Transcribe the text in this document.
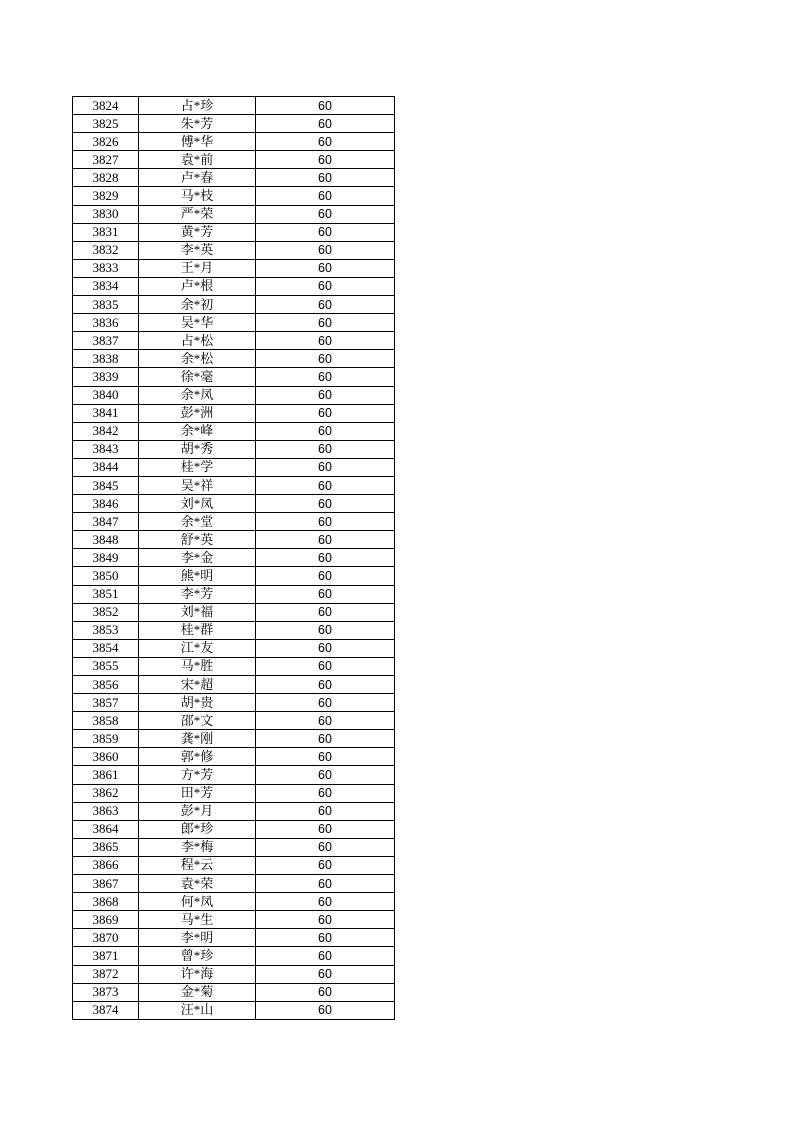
3824	占*珍	60
3825	朱*芳	60
3826	傅*华	60
3827	袁*前	60
3828	卢*春	60
3829	马*枝	60
3830	严*荣	60
3831	黄*芳	60
3832	李*英	60
3833	王*月	60
3834	卢*根	60
3835	余*初	60
3836	吴*华	60
3837	占*松	60
3838	余*松	60
3839	徐*毫	60
3840	余*凤	60
3841	彭*洲	60
3842	余*峰	60
3843	胡*秀	60
3844	桂*学	60
3845	吴*祥	60
3846	刘*凤	60
3847	余*堂	60
3848	舒*英	60
3849	李*金	60
3850	熊*明	60
3851	李*芳	60
3852	刘*福	60
3853	桂*群	60
3854	江*友	60
3855	马*胜	60
3856	宋*超	60
3857	胡*贵	60
3858	邵*文	60
3859	龚*刚	60
3860	郭*修	60
3861	方*芳	60
3862	田*芳	60
3863	彭*月	60
3864	郎*珍	60
3865	李*梅	60
3866	程*云	60
3867	袁*荣	60
3868	何*凤	60
3869	马*生	60
3870	李*明	60
3871	曾*珍	60
3872	许*海	60
3873	金*菊	60
3874	汪*山	60
